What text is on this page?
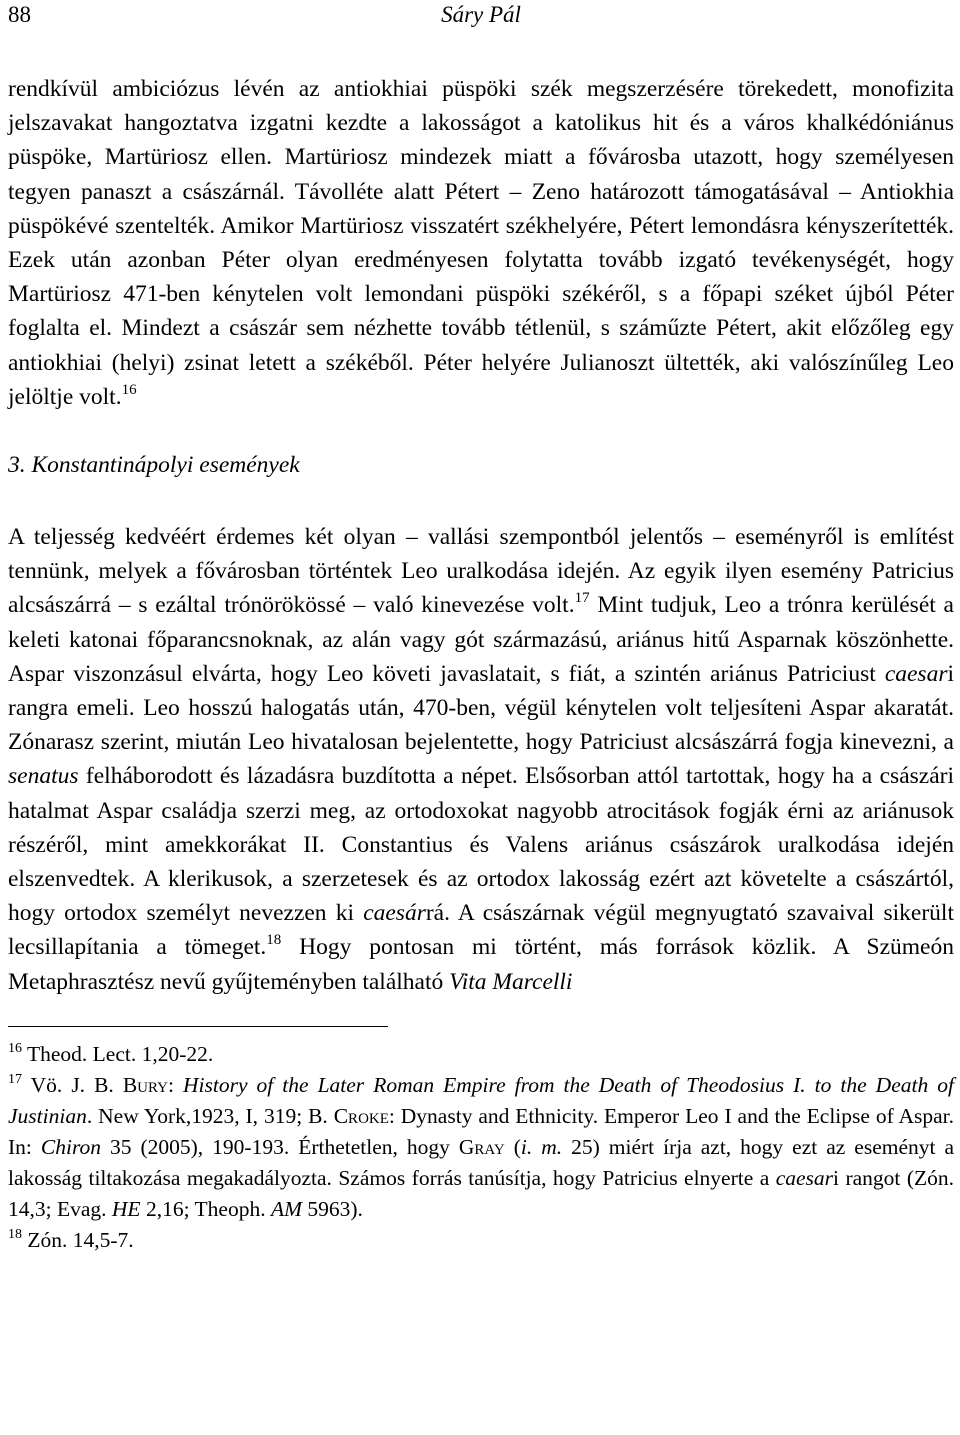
88	Sáry Pál

rendkívül ambiciózus lévén az antiokhiai püspöki szék megszerzésére törekedett, monofizita jelszavakat hangoztatva izgatni kezdte a lakosságot a katolikus hit és a város khalkédóniánus püspöke, Martüriosz ellen. Martüriosz mindezek miatt a fővárosba utazott, hogy személyesen tegyen panaszt a császárnál. Távolléte alatt Pétert – Zeno határozott támogatásával – Antiokhia püspökévé szentelték. Amikor Martüriosz visszatért székhelyére, Pétert lemondásra kényszerítették. Ezek után azonban Péter olyan eredményesen folytatta tovább izgató tevékenységét, hogy Martüriosz 471-ben kénytelen volt lemondani püspöki székéről, s a főpapi széket újból Péter foglalta el. Mindezt a császár sem nézhette tovább tétlenül, s száműzte Pétert, akit előzőleg egy antiokhiai (helyi) zsinat letett a székéből. Péter helyére Julianoszt ültették, aki valószínűleg Leo jelöltje volt.$^{16}$

3. Konstantinápolyi események

A teljesség kedvéért érdemes két olyan – vallási szempontból jelentős – eseményről is említést tennünk, melyek a fővárosban történtek Leo uralkodása idején. Az egyik ilyen esemény Patricius alcsászárrá – s ezáltal trónörökössé – való kinevezése volt.$^{17}$ Mint tudjuk, Leo a trónra kerülését a keleti katonai főparancsnoknak, az alán vagy gót származású, ariánus hitű Asparnak köszönhette. Aspar viszonzásul elvárta, hogy Leo követi javaslatait, s fiát, a szintén ariánus Patriciust caesari rangra emeli. Leo hosszú halogatás után, 470-ben, végül kénytelen volt teljesíteni Aspar akaratát. Zónarasz szerint, miután Leo hivatalosan bejelentette, hogy Patriciust alcsászárrá fogja kinevezni, a senatus felháborodott és lázadásra buzdította a népet. Elsősorban attól tartottak, hogy ha a császári hatalmat Aspar családja szerzi meg, az ortodoxokat nagyobb atrocitások fogják érni az ariánusok részéről, mint amekkorákat II. Constantius és Valens ariánus császárok uralkodása idején elszenvedtek. A klerikusok, a szerzetesek és az ortodox lakosság ezért azt követelte a császártól, hogy ortodox személyt nevezzen ki caesárrá. A császárnak végül megnyugtató szavaival sikerült lecsillapítania a tömeget.$^{18}$ Hogy pontosan mi történt, más források közlik. A Szümeón Metaphrasztész nevű gyűjteményben található Vita Marcelli

$^{16}$ Theod. Lect. 1,20-22.

$^{17}$ Vö. J. B. Bury: History of the Later Roman Empire from the Death of Theodosius I. to the Death of Justinian. New York,1923, I, 319; B. Croke: Dynasty and Ethnicity. Emperor Leo I and the Eclipse of Aspar. In: Chiron 35 (2005), 190-193. Érthetetlen, hogy Gray (i. m. 25) miért írja azt, hogy ezt az eseményt a lakosság tiltakozása megakadályozta. Számos forrás tanúsítja, hogy Patricius elnyerte a caesari rangot (Zón. 14,3; Evag. HE 2,16; Theoph. AM 5963).

$^{18}$ Zón. 14,5-7.
